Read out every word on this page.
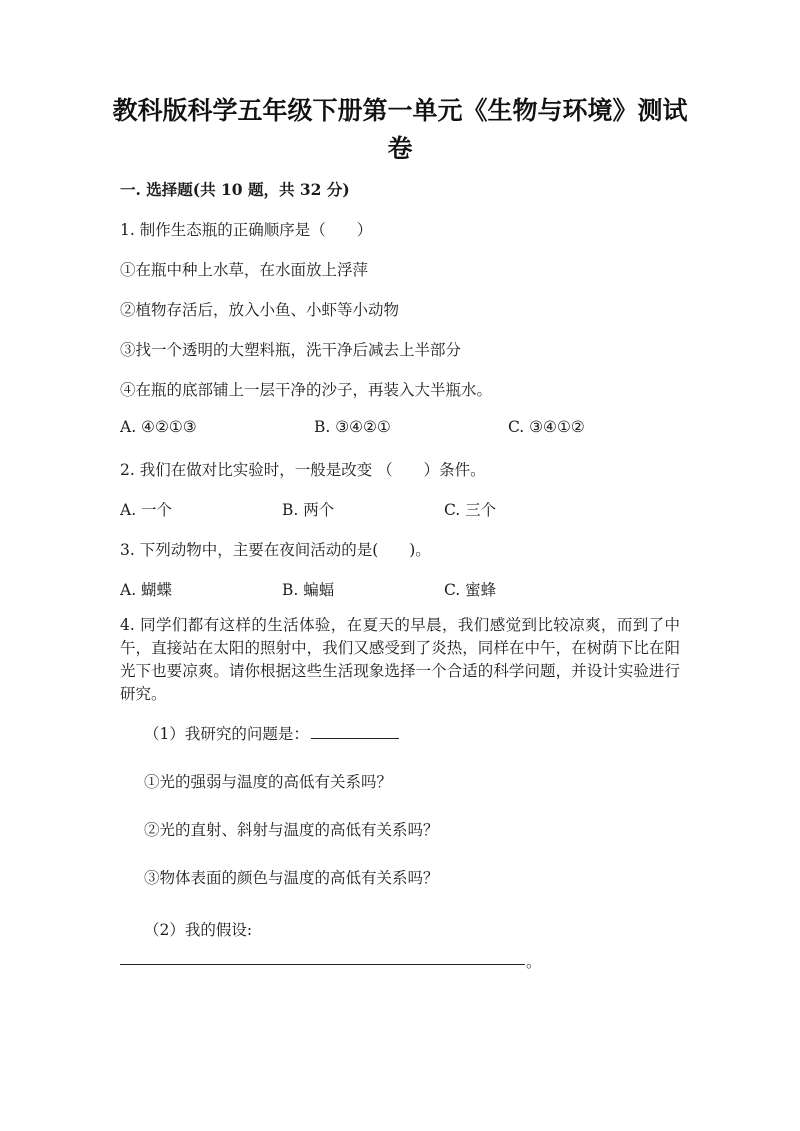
教科版科学五年级下册第一单元《生物与环境》测试卷
一. 选择题(共 10 题，共 32 分)
1. 制作生态瓶的正确顺序是（　　）
①在瓶中种上水草，在水面放上浮萍
②植物存活后，放入小鱼、小虾等小动物
③找一个透明的大塑料瓶，洗干净后减去上半部分
④在瓶的底部铺上一层干净的沙子，再装入大半瓶水。
A. ④②①③	B. ③④②①	C. ③④①②
2. 我们在做对比实验时，一般是改变 （　　）条件。
A. 一个	B. 两个	C. 三个
3. 下列动物中，主要在夜间活动的是(　　)。
A. 蝴蝶	B. 蝙蝠	C. 蜜蜂
4. 同学们都有这样的生活体验，在夏天的早晨，我们感觉到比较凉爽，而到了中午，直接站在太阳的照射中，我们又感受到了炎热，同样在中午，在树荫下比在阳光下也要凉爽。请你根据这些生活现象选择一个合适的科学问题，并设计实验进行研究。
（1）我研究的问题是：
①光的强弱与温度的高低有关系吗？
②光的直射、斜射与温度的高低有关系吗？
③物体表面的颜色与温度的高低有关系吗？
（2）我的假设:
。
